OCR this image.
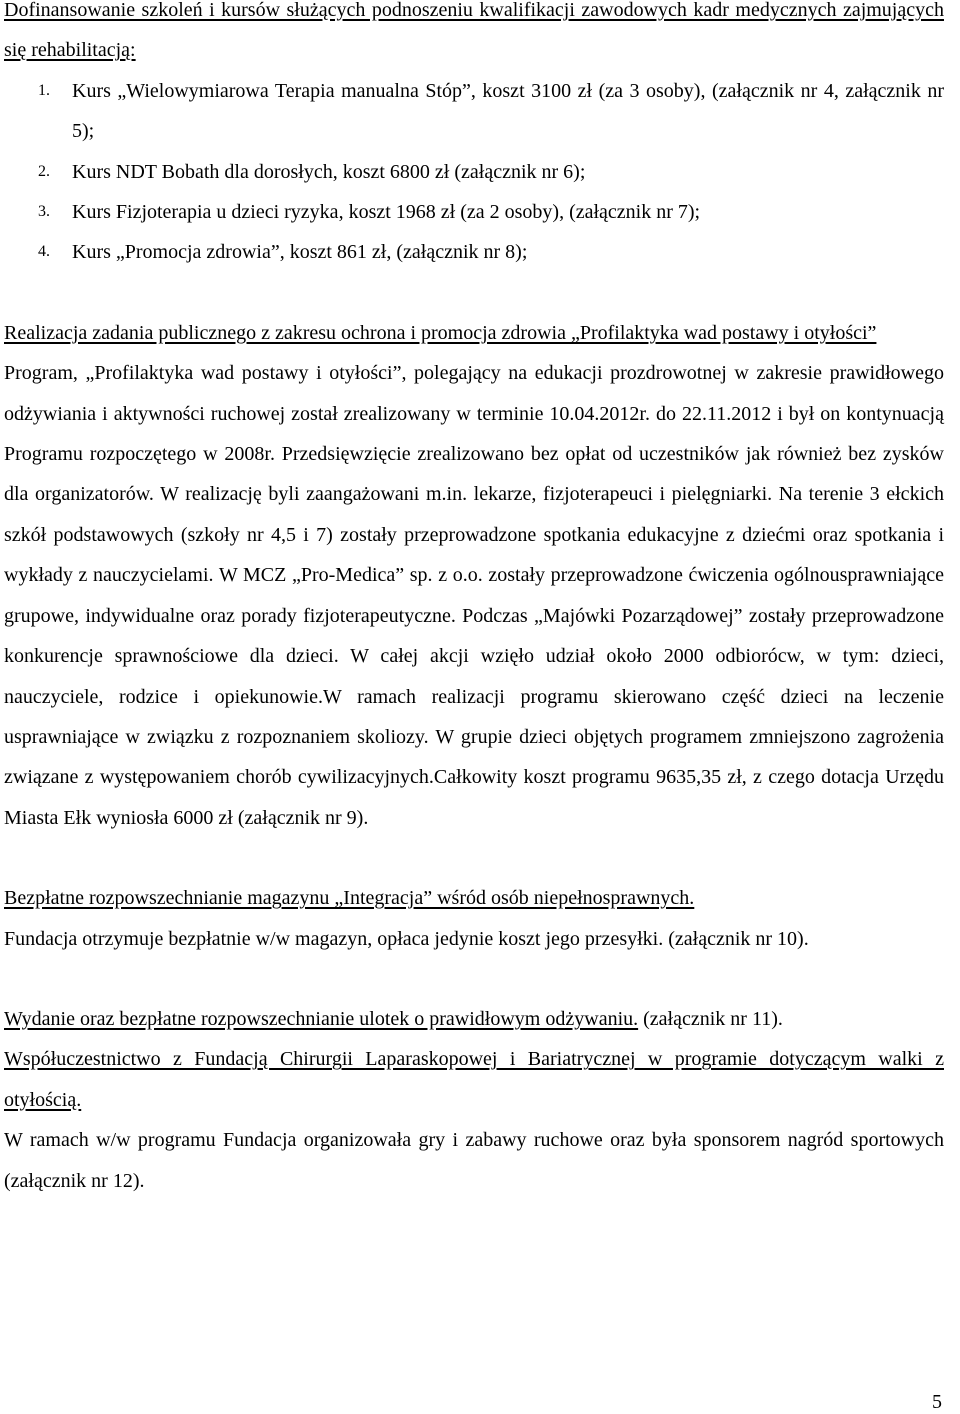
Dofinansowanie szkoleń i kursów służących podnoszeniu kwalifikacji zawodowych kadr medycznych zajmujących się rehabilitacją:

1. Kurs „Wielowymiarowa Terapia manualna Stóp”, koszt 3100 zł (za 3 osoby), (załącznik nr 4, załącznik nr 5);
2. Kurs NDT Bobath dla dorosłych, koszt 6800 zł (załącznik nr 6);
3. Kurs Fizjoterapia u dzieci ryzyka, koszt 1968 zł (za 2 osoby), (załącznik nr 7);
4. Kurs „Promocja zdrowia”, koszt 861 zł, (załącznik nr 8);

Realizacja zadania publicznego z zakresu ochrona i promocja zdrowia „Profilaktyka wad postawy i otyłości”

Program, „Profilaktyka wad postawy i otyłości”, polegający na edukacji prozdrowotnej w zakresie prawidłowego odżywiania i aktywności ruchowej został zrealizowany w terminie 10.04.2012r. do 22.11.2012 i był on kontynuacją Programu rozpoczętego w 2008r. Przedsięwzięcie zrealizowano bez opłat od uczestników jak również bez zysków dla organizatorów. W realizację byli zaangażowani m.in. lekarze, fizjoterapeuci i pielęgniarki. Na terenie 3 ełckich szkół podstawowych (szkoły nr 4,5 i 7) zostały przeprowadzone spotkania edukacyjne z dziećmi oraz spotkania i wykłady z nauczycielami. W MCZ „Pro-Medica” sp. z o.o. zostały przeprowadzone ćwiczenia ogólnousprawniające grupowe, indywidualne oraz porady fizjoterapeutyczne. Podczas „Majówki Pozarządowej” zostały przeprowadzone konkurencje sprawnościowe dla dzieci. W całej akcji wzięło udział około 2000 odbiorócw, w tym: dzieci, nauczyciele, rodzice i opiekunowie.W ramach realizacji programu skierowano część dzieci na leczenie usprawniające w związku z rozpoznaniem skoliozy. W grupie dzieci objętych programem zmniejszono zagrożenia związane z występowaniem chorób cywilizacyjnych.Całkowity koszt programu 9635,35 zł, z czego dotacja Urzędu Miasta Ełk wyniosła 6000 zł (załącznik nr 9).

Bezpłatne rozpowszechnianie magazynu „Integracja” wśród osób niepełnosprawnych.

Fundacja otrzymuje bezpłatnie w/w magazyn, opłaca jedynie koszt jego przesyłki. (załącznik nr 10).

Wydanie oraz bezpłatne rozpowszechnianie ulotek o prawidłowym odżywaniu. (załącznik nr 11).

Współuczestnictwo z Fundacją Chirurgii Laparaskopowej i Bariatrycznej w programie dotyczącym walki z otyłością.

W ramach w/w programu Fundacja organizowała gry i zabawy ruchowe oraz była sponsorem nagród sportowych (załącznik nr 12).

5
